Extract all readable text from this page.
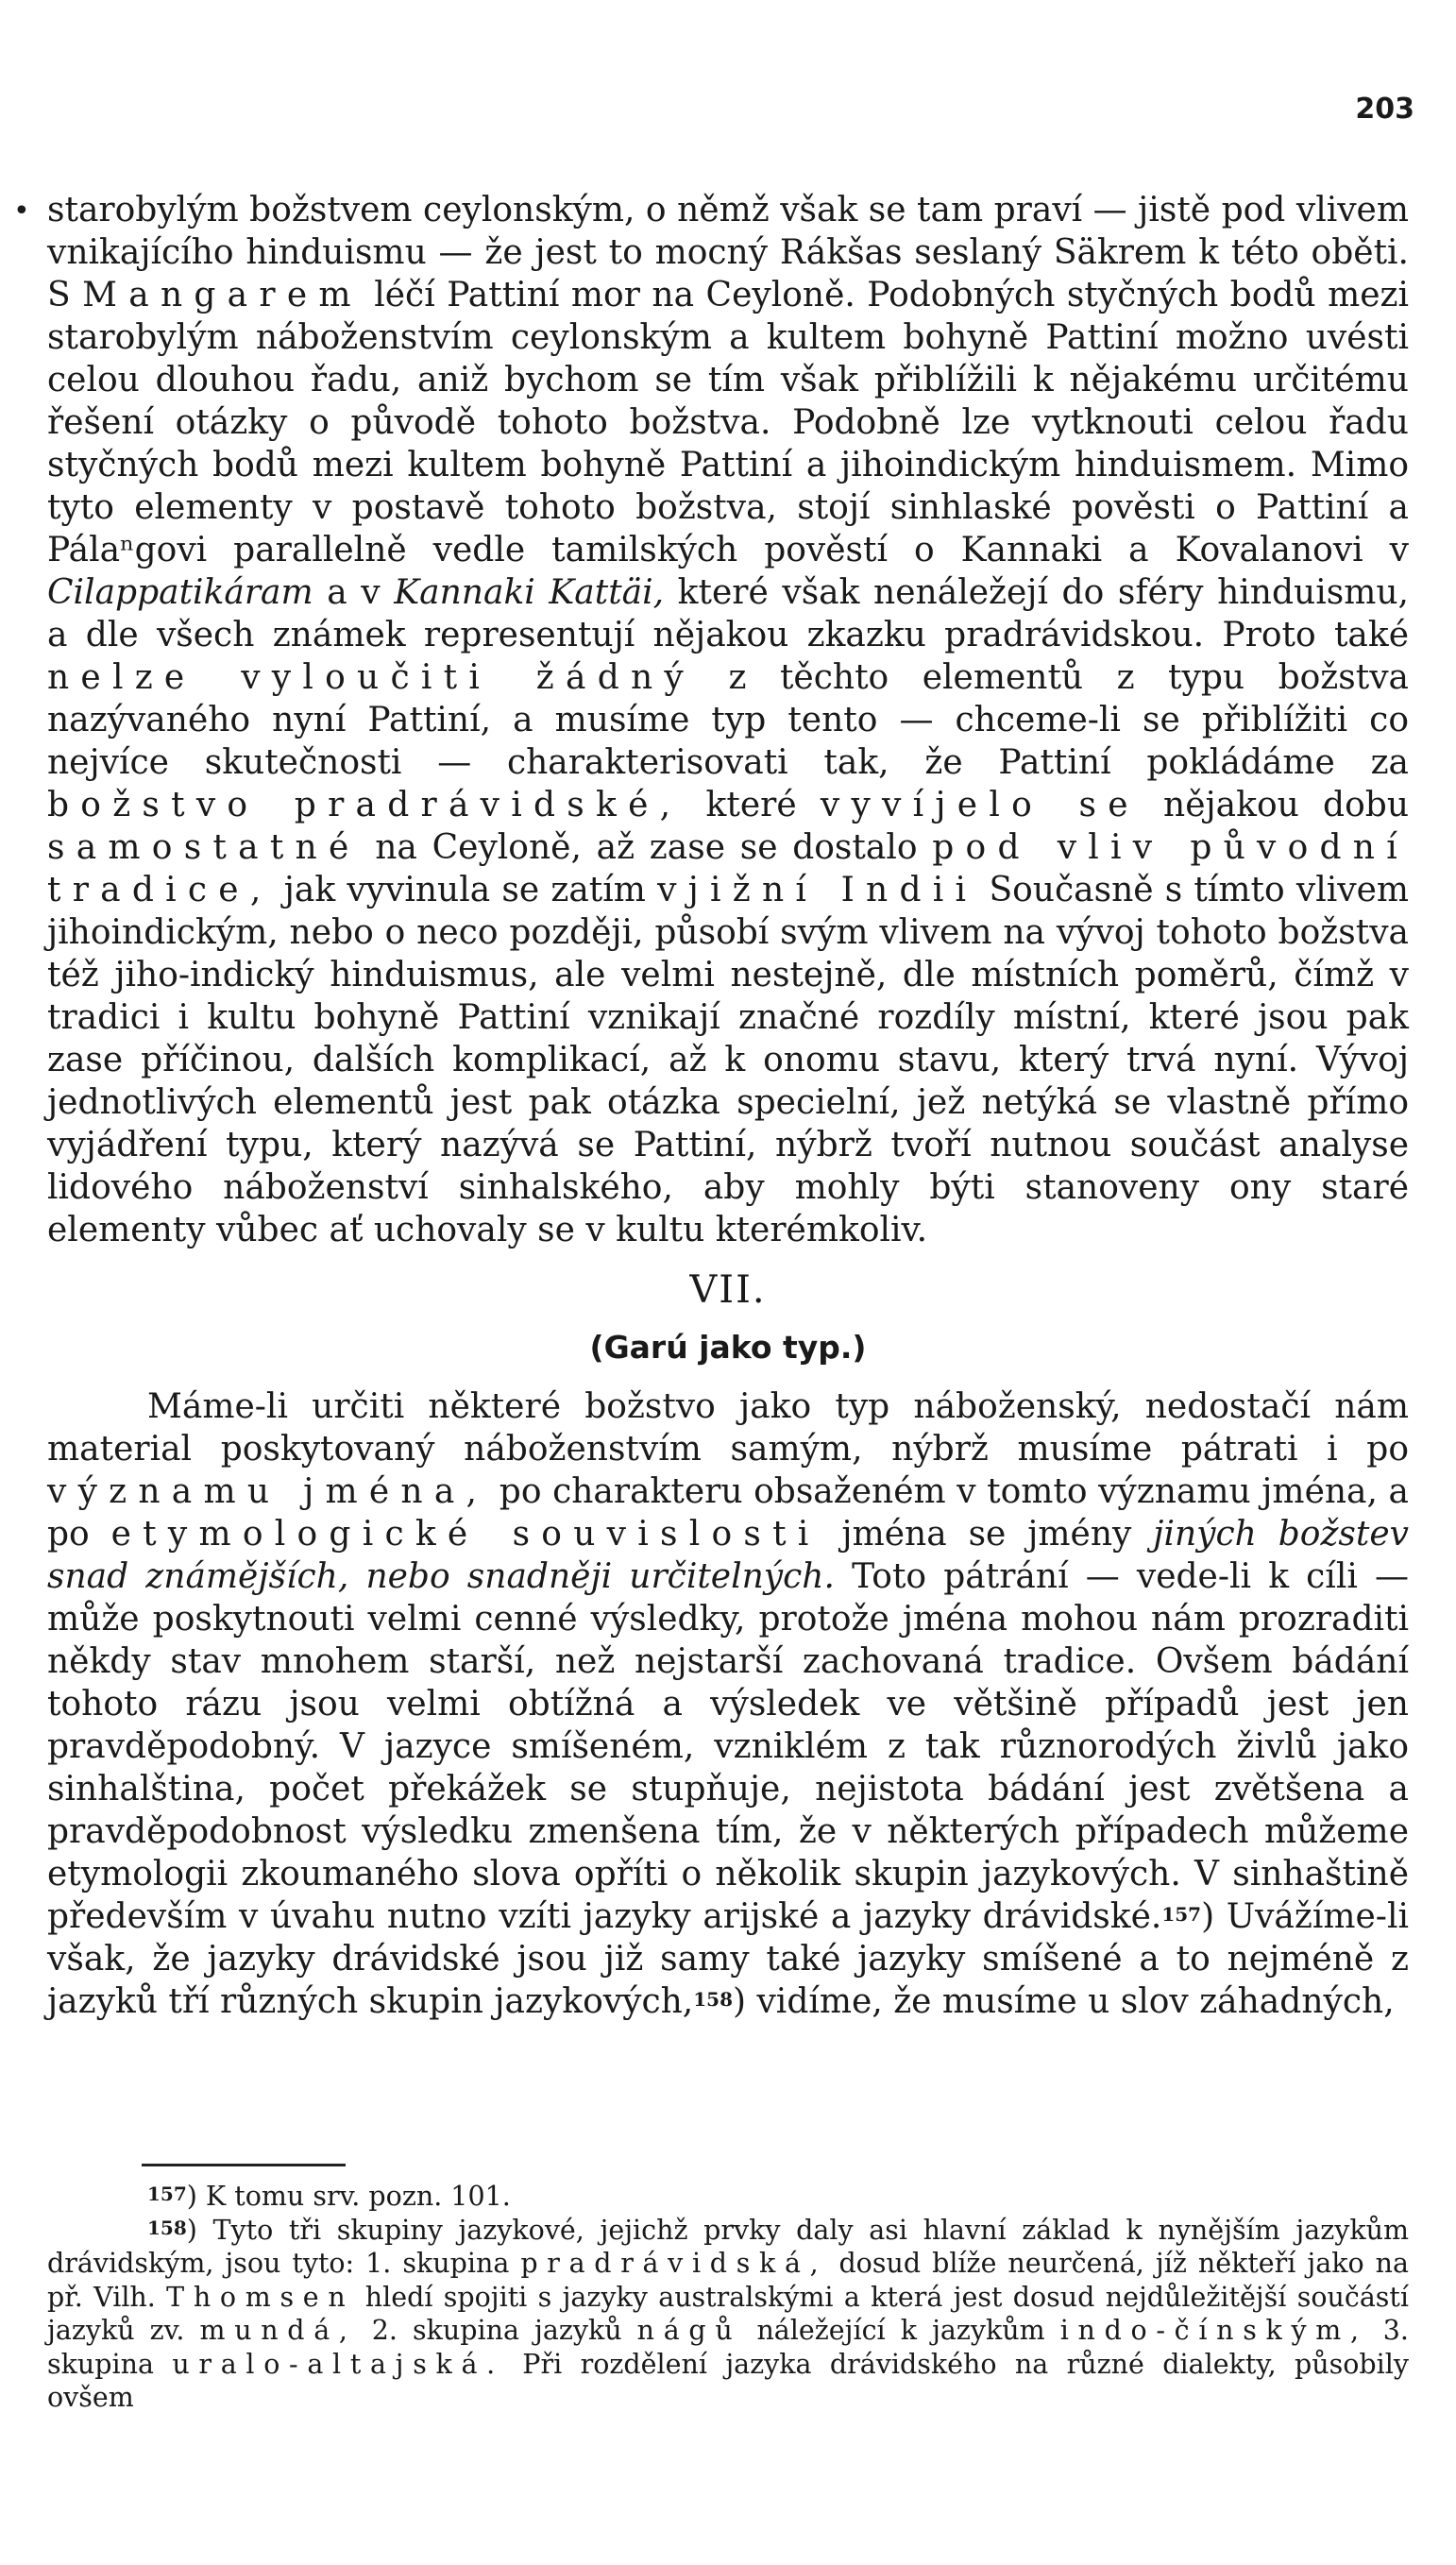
203
• starobylým božstvem ceylonským, o němž však se tam praví — jistě pod vlivem vnikajícího hinduismu — že jest to mocný Rákšas seslaný Säkrem k této oběti. S Mangarem léčí Pattiní mor na Ceyloně. Podobných styčných bodů mezi starobylým náboženstvím ceylonským a kultem bohyně Pattiní možno uvésti celou dlouhou řadu, aniž bychom se tím však přiblížili k nějakému určitému řešení otázky o původě tohoto božstva. Podobně lze vytknouti celou řadu styčných bodů mezi kultem bohyně Pattiní a jihoindickým hinduismem. Mimo tyto elementy v postavě tohoto božstva, stojí sinhlaské pověsti o Pattiní a Pálaⁿgovi parallelně vedle tamilských pověstí o Kannaki a Kovalanovi v Cilappatikáram a v Kannaki Kattäi, které však nenáležejí do sféry hinduismu, a dle všech známek representují nějakou zkazku pradrávidskou. Proto také nelze vyloučiti žádný z těchto elementů z typu božstva nazývaného nyní Pattiní, a musíme typ tento — chceme-li se přiblížiti co nejvíce skutečnosti — charakterisovati tak, že Pattiní pokládáme za božstvo pradrávidské, které vyvíjelo se nějakou dobu samostatné na Ceyloně, až zase se dostalo pod vliv původní tradice, jak vyvinula se zatím v jižní Indii Současně s tímto vlivem jihoindickým, nebo o neco později, působí svým vlivem na vývoj tohoto božstva též jiho-indický hinduismus, ale velmi nestejně, dle místních poměrů, čímž v tradici i kultu bohyně Pattiní vznikají značné rozdíly místní, které jsou pak zase příčinou, dalších komplikací, až k onomu stavu, který trvá nyní. Vývoj jednotlivých elementů jest pak otázka specielní, jež netýká se vlastně přímo vyjádření typu, který nazývá se Pattiní, nýbrž tvoří nutnou součást analyse lidového náboženství sinhalského, aby mohly býti stanoveny ony staré elementy vůbec ať uchovaly se v kultu kterémkoliv.

VII.
(Garú jako typ.)

Máme-li určiti některé božstvo jako typ náboženský, nedostačí nám material poskytovaný náboženstvím samým, nýbrž musíme pátrati i po významu jména, po charakteru obsaženém v tomto významu jména, a po etymologické souvislosti jména se jmény jiných božstev snad známějších, nebo snadněji určitelných. Toto pátrání — vede-li k cíli — může poskytnouti velmi cenné výsledky, protože jména mohou nám prozraditi někdy stav mnohem starší, než nejstarší zachovaná tradice. Ovšem bádání tohoto rázu jsou velmi obtížná a výsledek ve většině případů jest jen pravděpodobný. V jazyce smíšeném, vzniklém z tak různorodých živlů jako sinhalština, počet překážek se stupňuje, nejistota bádání jest zvětšena a pravděpodobnost výsledku zmenšena tím, že v některých případech můžeme etymologii zkoumaného slova opříti o několik skupin jazykových. V sinhaštině především v úvahu nutno vzíti jazyky arijské a jazyky drávidské.$^{157}$) Uvážíme-li však, že jazyky drávidské jsou již samy také jazyky smíšené a to nejméně z jazyků tří různých skupin jazykových,$^{158}$) vidíme, že musíme u slov záhadných,

$^{157}$) K tomu srv. pozn. 101.

$^{158}$) Tyto tři skupiny jazykové, jejichž prvky daly asi hlavní základ k nynějším jazykům drávidským, jsou tyto: 1. skupina pradrávidská, dosud blíže neurčená, jíž někteří jako na př. Vilh. Thomsen hledí spojiti s jazyky australskými a která jest dosud nejdůležitější součástí jazyků zv. mundá, 2. skupina jazyků nágů náležející k jazykům indo-čínským, 3. skupina uralo-altajská. Při rozdělení jazyka drávidského na různé dialekty, působily ovšem
